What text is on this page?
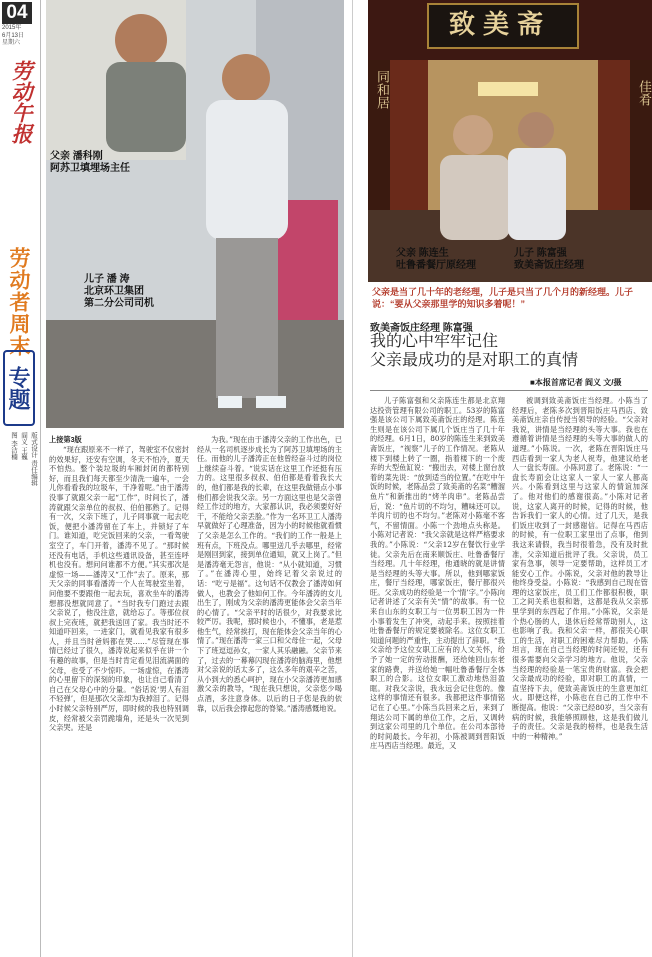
04
2015年
6月13日
星期六
劳动午报
劳动者周末
专题
版式设计 责任编辑
阎义 王巍
图 李洁楠
父亲 潘科刚
阿苏卫填埋场主任
儿子 潘 涛
北京环卫集团
第二分公司司机
致美斋
同和居	佳肴
父亲 陈连生
吐鲁番餐厅原经理
儿子 陈富强
致美斋饭庄经理
父亲是当了几十年的老经理，儿子是只当了几个月的新经理。儿子说：“要从父亲那里学的知识多着呢！”
致美斋饭庄经理 陈富强
我的心中牢牢记住
父亲最成功的是对职工的真情
■本报首席记者 阎义 文/摄
上接第3版
“现在跟原来不一样了，驾驶室不仅密封的效果好，还安有空调，冬天不怕冷，夏天不怕热。整个装垃圾的车厢封闭的都特别好，而且我们每天都至少清洗一遍车，一会儿你看看我的垃圾车，干净着呢。”由于潘涛没事了就跟父亲一起“工作”，时间长了，潘涛就跟父亲单位的叔叔、伯伯都熟了。记得有一次，父亲下班了，儿子同事就一起去吃饭，便把小潘涛留在了车上，并锁好了车门。谁知道，吃完饭回来的父亲，一看驾驶室空了，车门开着，潘涛不见了。“那时候还没有电话，手机这些通讯设备，甚至连呼机也没有。想问问谁都不方便。”其实那次是虚惊一场——潘涛又“工作”去了。原来，那天父亲的同事看潘涛一个人在驾驶室坐着，问他要不要跟他一起去玩，喜欢坐车的潘涛想都没想就同意了。“当时我专门跑过去跟父亲说了，他没注意，就给忘了。等那位叔叔上完夜班，就把我送回了家。我当时还不知道吓回来，一进家门，就看见我家有很多人，并且当时爸妈都在哭……”尽管现在事情已经过了很久，潘涛说起来似乎在讲一个有趣的故事，但是当时肯定看见泪流满面的父母，也受了不少惊吓。一场虚惊，在潘涛的心里留下的深刻的印象，也让自己看清了自己在父母心中的分量。“俗话说‘男人有泪不轻弹’，但是那次父亲却为我掉泪了。记得小时候父亲特别严厉，即时候的我也特别调皮，经常被父亲罚跪墙角，还是头一次见到父亲哭。还是
为我。”现在由于潘涛父亲的工作出色，已经从一名司机逐步成长为了阿苏卫填埋场的主任。而他的儿子潘涛正在他曾经奋斗过的岗位上继续奋斗着。“说实话在这里工作还挺有压力的。这里很多叔叔、伯伯都是看着我长大的，他们都是我的长辈，在这里我做错点小事他们都会说我父亲。另一方面这里也是父亲曾经工作过的地方，大家都认识，我必须要好好干，不能给父亲丢脸。”作为一名环卫工人潘涛早就做好了心理准备，因为小的时候他就看惯了父亲是怎么工作的。“我们的工作一般是上班有点，下班没点。哪里送几乎去哪里，经常是刚回到家，接到单位通知，就又上岗了。”但是潘涛毫无怨言，他说：“从小就知道，习惯了。”在潘涛心里，始终记着父亲说过的话：“吃亏是福”。这句话不仅教会了潘涛如何做人，也教会了他如何工作。今年潘涛的女儿出生了，刚成为父亲的潘涛更能体会父亲当年的心情了。“父亲平时的话很少，对我要求比较严厉。我呢，那时候也小，不懂事，老是惹他生气，经常挨打，现在能体会父亲当年的心情了。”现在潘涛一家三口和父母住一起，父母下了班逗逗孙女，一家人其乐融融。父亲节来了，过去的一幕幕闪现在潘涛的脑海里，他想对父亲说的话太多了，这么多年的艰辛之苦，从小到大的悉心呵护，现在小父亲潘涛更加感激父亲的教导，“现在我只想说，父亲您少喝点酒，多注意身体。以后的日子您是我的依靠，以后我会撑起您的脊梁。”潘涛感慨地说。
儿子陈富强和父亲陈连生都是北京翔达投资管理有限公司的职工。53岁的陈富强是该公司下属致美斋饭庄的经理。陈连生则是在该公司下属几个饭庄当了几十年的经理。6月1日，80岁的陈连生来到致美斋饭庄，“视察”儿子的工作情况。老陈从楼下到楼上转了一圈，指着楼下的一个废弃的大型鱼缸说：“搬出去，对楼上窗台放着的菜先说：“放到适当的位置。”在吃中午饭的时候，老陈品尝了致美斋的名菜“糟溜鱼片”和新推出的“烤羊肉串”。老陈品尝后，说：“鱼片切的不均匀，糟味还可以。羊肉片切的也不均匀。”老陈对小陈毫不客气，不留情面。小陈一个劲地点头称是。小陈对记者说：“我父亲就是这样严格要求我的。”小陈说：“父亲12岁在餐饮行业学徒。父亲先后在南来顺饭庄、吐鲁番餐厅当经理。几十年经理，他通晓的就是讲情是当经理的头等大事。所以，他到哪家饭庄，餐厅当经理，哪家饭庄，餐厅都很兴旺。父亲成功的经验是一个‘情’字。”小陈向记者讲述了父亲有关“情”的故事。有一位来自山东的女职工与一位男职工因为一件小事着发生了冲突，动起手来。按照挂着吐鲁番餐厅的规定要被除名。这位女职工知道问题的严重性，主动提出了辞职。“我父亲给予这位女职工应有的人文关怀，给予了她一定的劳动报酬，还给她回山东老家的路费，并送给她一幅吐鲁番餐厅全体职工的合影。这位女职工激动地热泪盈眶。对我父亲说，我永远会记住您的。像这样的事情还有很多。我都把这件事情铭记在了心里。”小陈当兵回来之后，来到了翔达公司下属的单位工作，之后，又调转到这家公司里的几个单位。在公司本部待的时间最长。今年初，小陈被调到晋阳饭庄马西店当经理。最近，又
被调到致美斋饭庄当经理。小陈当了经理后，老陈多次到晋阳饭庄马西店、致美斋饭庄亲自传授当领导的经验。“父亲对我说，讲情是当经理的头等大事。我也在遵循着讲情是当经理的头等大事的做人的道理。”小陈说。一次，老陈在晋阳饭庄马西店看到一家人为老人祝寿，他建议给老人一盘长寿面。小陈同意了。老陈说：“一盘长寿面会让这家人一家人一家人都高兴。小陈看到这里与这家人的情谊加深了。他对他们的感谢很高。”小陈对记者说，这家人离开的时候，记得的时候，他告诉我们一家人的心情。过了几天，是我们饭庄收到了一封感谢信。记得在马西店的时候，有一位职工家里出了点事，他到我这来请假，我当时很着急，没有及时批准，父亲知道后批评了我。父亲说，员工家有急事，领导一定要帮助，这样员工才能安心工作。小陈说，父亲对他的教导让他终身受益。小陈说：“我感到自己现在管理的这家饭庄，员工们工作都很积极，职工之间关系也很和谐，这都是我从父亲那里学到的东西起了作用。”小陈说，父亲是个热心肠的人，退休后经常帮助别人，这也影响了我。我和父亲一样，都很关心职工的生活，对职工的困难尽力帮助。小陈坦言，现在自己当经理的时间还短，还有很多需要向父亲学习的地方。他说，父亲当经理的经验是一笔宝贵的财富。我会把父亲最成功的经验，即对职工的真情，一直坚持下去，使致美斋饭庄的生意更加红火。即便这样，小陈也在自己的工作中不断提高。他说：“父亲已经80岁，当父亲有病的时候，我能够照顾他，这是我们做儿子的责任。父亲是我的榜样，也是我生活中的一种精神。”
